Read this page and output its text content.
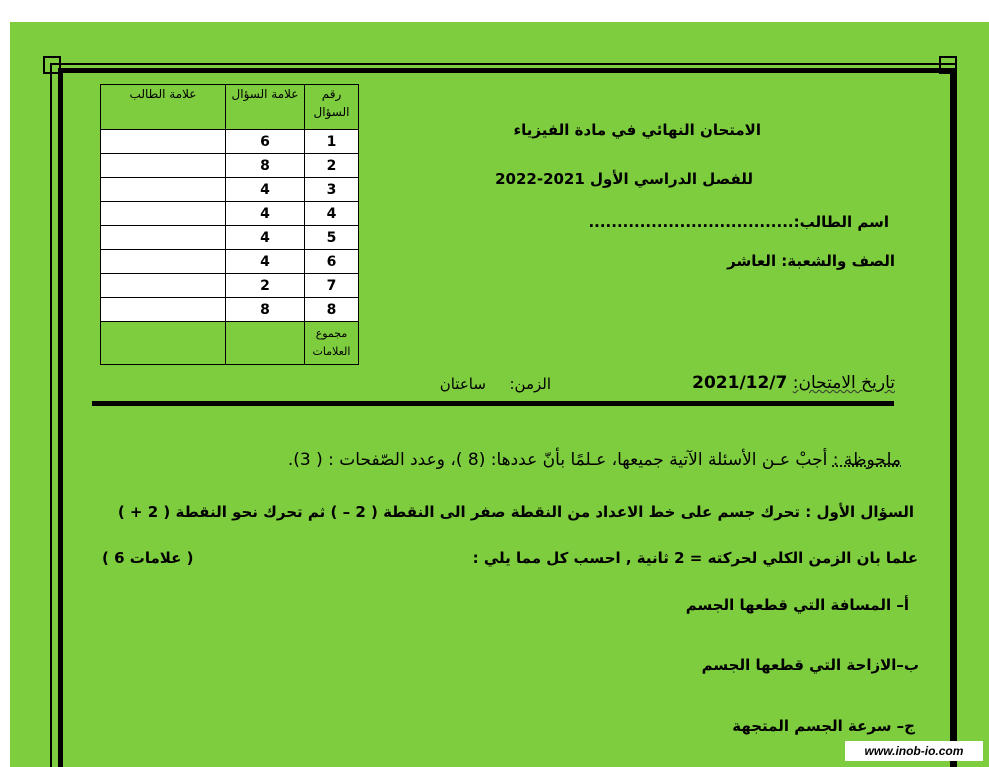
رقم السؤال	علامة السؤال	علامة الطالب
1	6	
2	8	
3	4	
4	4	
5	4	
6	4	
7	2	
8	8	
مجموع العلامات		
الامتحان النهائي في مادة الفيزياء
للفصل الدراسي الأول 2021-2022
اسم الطالب:....................................
الصف والشعبة: العاشر
تاريخ الامتحان: 2021/12/7
الزمن:  ساعتان
ملحوظة : أجبْ عـن الأسئلة الآتية جميعها، عـلمًا بأنّ عددها: (8 )، وعدد الصّفحات : ( 3).
السؤال الأول : تحرك جسم على خط الاعداد من النقطة صفر الى النقطة ( 2 – ) ثم تحرك نحو النقطة ( 2 + )
علما بان الزمن الكلي لحركته = 2 ثانية , احسب كل مما يلي :
( 6 علامات )
أ– المسافة التي قطعها الجسم
ب–الازاحة التي قطعها الجسم
ج– سرعة الجسم المتجهة
www.inob-io.com
